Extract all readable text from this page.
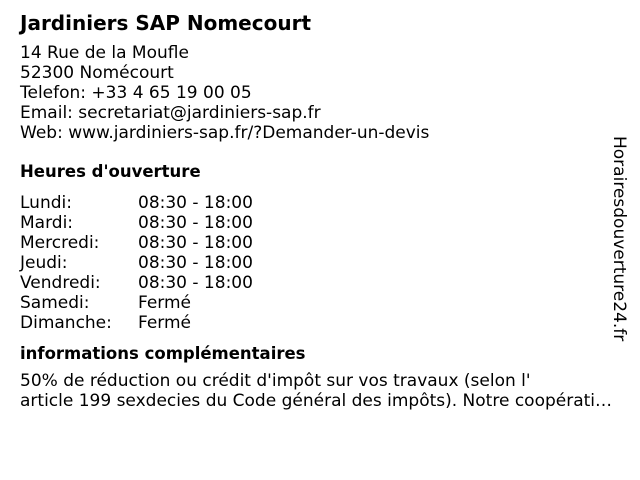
Jardiniers SAP Nomecourt
14 Rue de la Moufle
52300 Nomécourt
Telefon: +33 4 65 19 00 05
Email: secretariat@jardiniers-sap.fr
Web: www.jardiniers-sap.fr/?Demander-un-devis
Heures d'ouverture
Lundi:	08:30 - 18:00
Mardi:	08:30 - 18:00
Mercredi:	08:30 - 18:00
Jeudi:	08:30 - 18:00
Vendredi:	08:30 - 18:00
Samedi:	Fermé
Dimanche:	Fermé
informations complémentaires
50% de réduction ou crédit d'impôt sur vos travaux (selon l'
article 199 sexdecies du Code général des impôts). Notre coopérati…
Horairesdouverture24.fr
